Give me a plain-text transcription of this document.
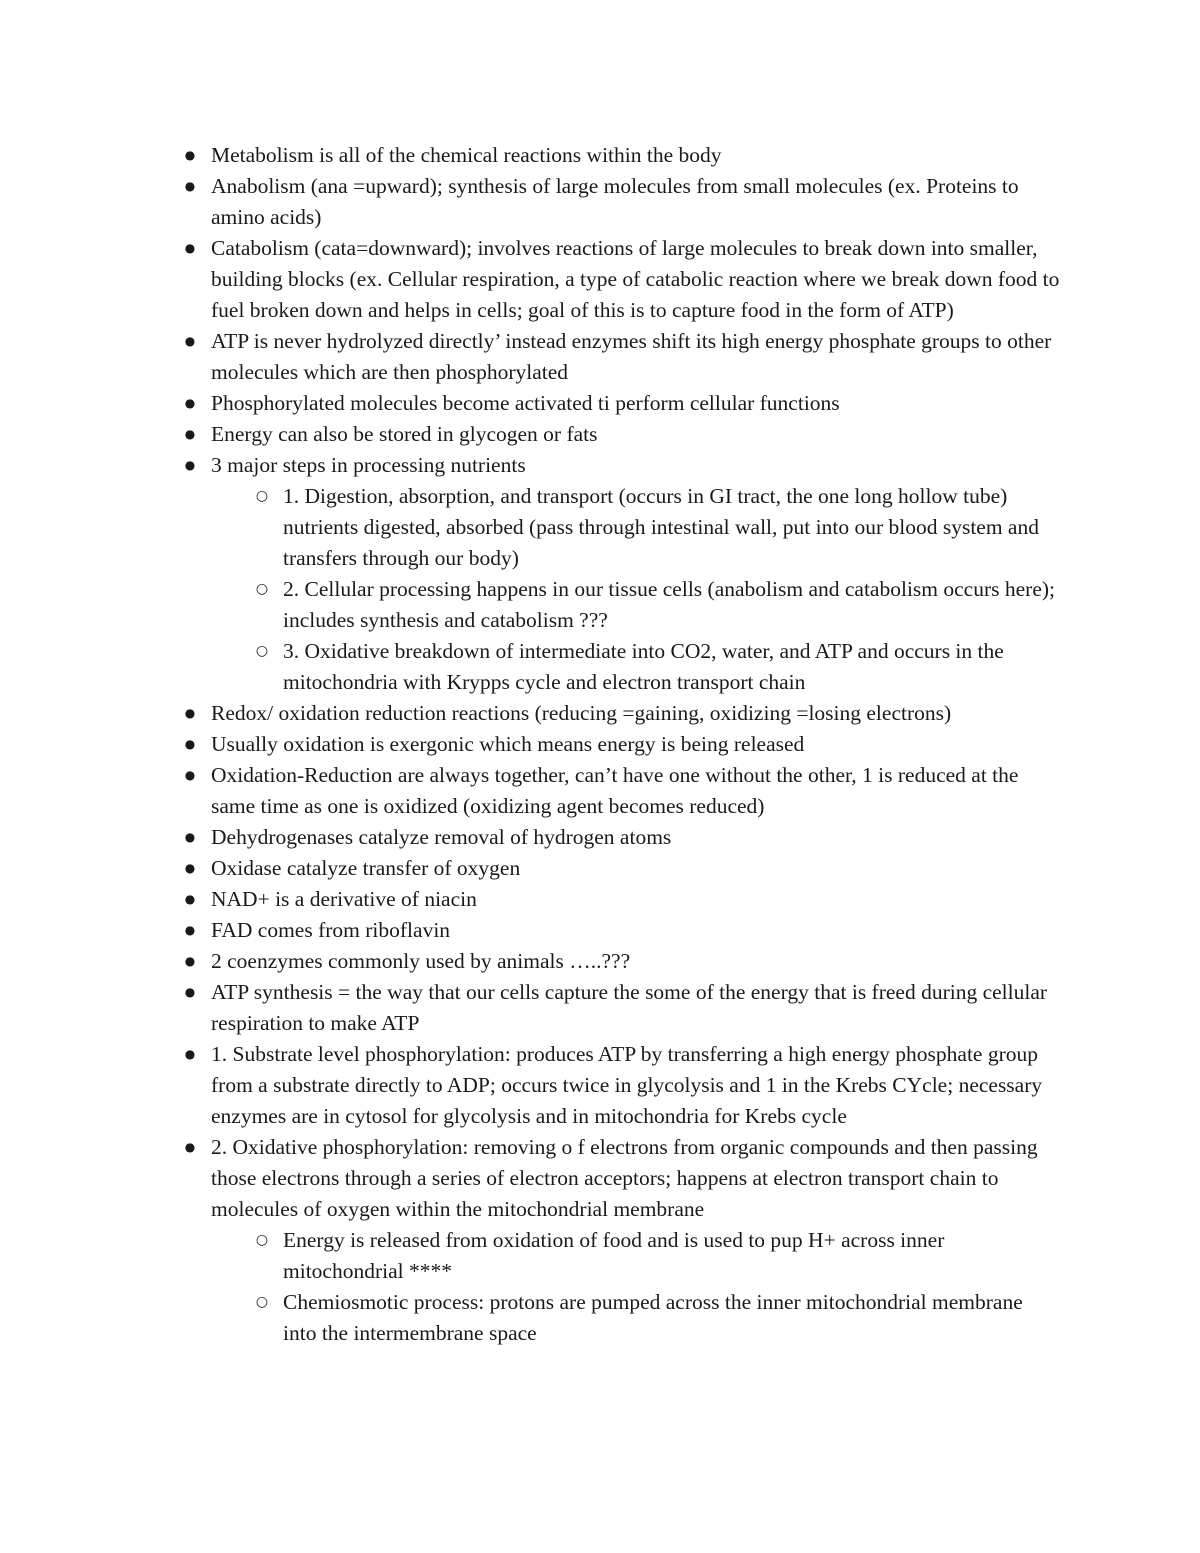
● Metabolism is all of the chemical reactions within the body
● Anabolism (ana =upward); synthesis of large molecules from small molecules (ex. Proteins to amino acids)
● Catabolism (cata=downward); involves reactions of large molecules to break down into smaller, building blocks (ex. Cellular respiration, a type of catabolic reaction where we break down food to fuel broken down and helps in cells; goal of this is to capture food in the form of ATP)
● ATP is never hydrolyzed directly’ instead enzymes shift its high energy phosphate groups to other molecules which are then phosphorylated
● Phosphorylated molecules become activated ti perform cellular functions
● Energy can also be stored in glycogen or fats
● 3 major steps in processing nutrients
○ 1. Digestion, absorption, and transport (occurs in GI tract, the one long hollow tube) nutrients digested, absorbed (pass through intestinal wall, put into our blood system and transfers through our body)
○ 2. Cellular processing happens in our tissue cells (anabolism and catabolism occurs here); includes synthesis and catabolism ???
○ 3. Oxidative breakdown of intermediate into CO2, water, and ATP and occurs in the mitochondria with Krypps cycle and electron transport chain
● Redox/ oxidation reduction reactions (reducing =gaining, oxidizing =losing electrons)
● Usually oxidation is exergonic which means energy is being released
● Oxidation-Reduction are always together, can’t have one without the other, 1 is reduced at the same time as one is oxidized (oxidizing agent becomes reduced)
● Dehydrogenases catalyze removal of hydrogen atoms
● Oxidase catalyze transfer of oxygen
● NAD+ is a derivative of niacin
● FAD comes from riboflavin
● 2 coenzymes commonly used by animals …..???
● ATP synthesis = the way that our cells capture the some of the energy that is freed during cellular respiration to make ATP
● 1. Substrate level phosphorylation: produces ATP by transferring a high energy phosphate group from a substrate directly to ADP; occurs twice in glycolysis and 1 in the Krebs CYcle; necessary enzymes are in cytosol for glycolysis and in mitochondria for Krebs cycle
● 2. Oxidative phosphorylation: removing o f electrons from organic compounds and then passing those electrons through a series of electron acceptors; happens at electron transport chain to molecules of oxygen within the mitochondrial membrane
○ Energy is released from oxidation of food and is used to pup H+ across inner mitochondrial ****
○ Chemiosmotic process: protons are pumped across the inner mitochondrial membrane into the intermembrane space
